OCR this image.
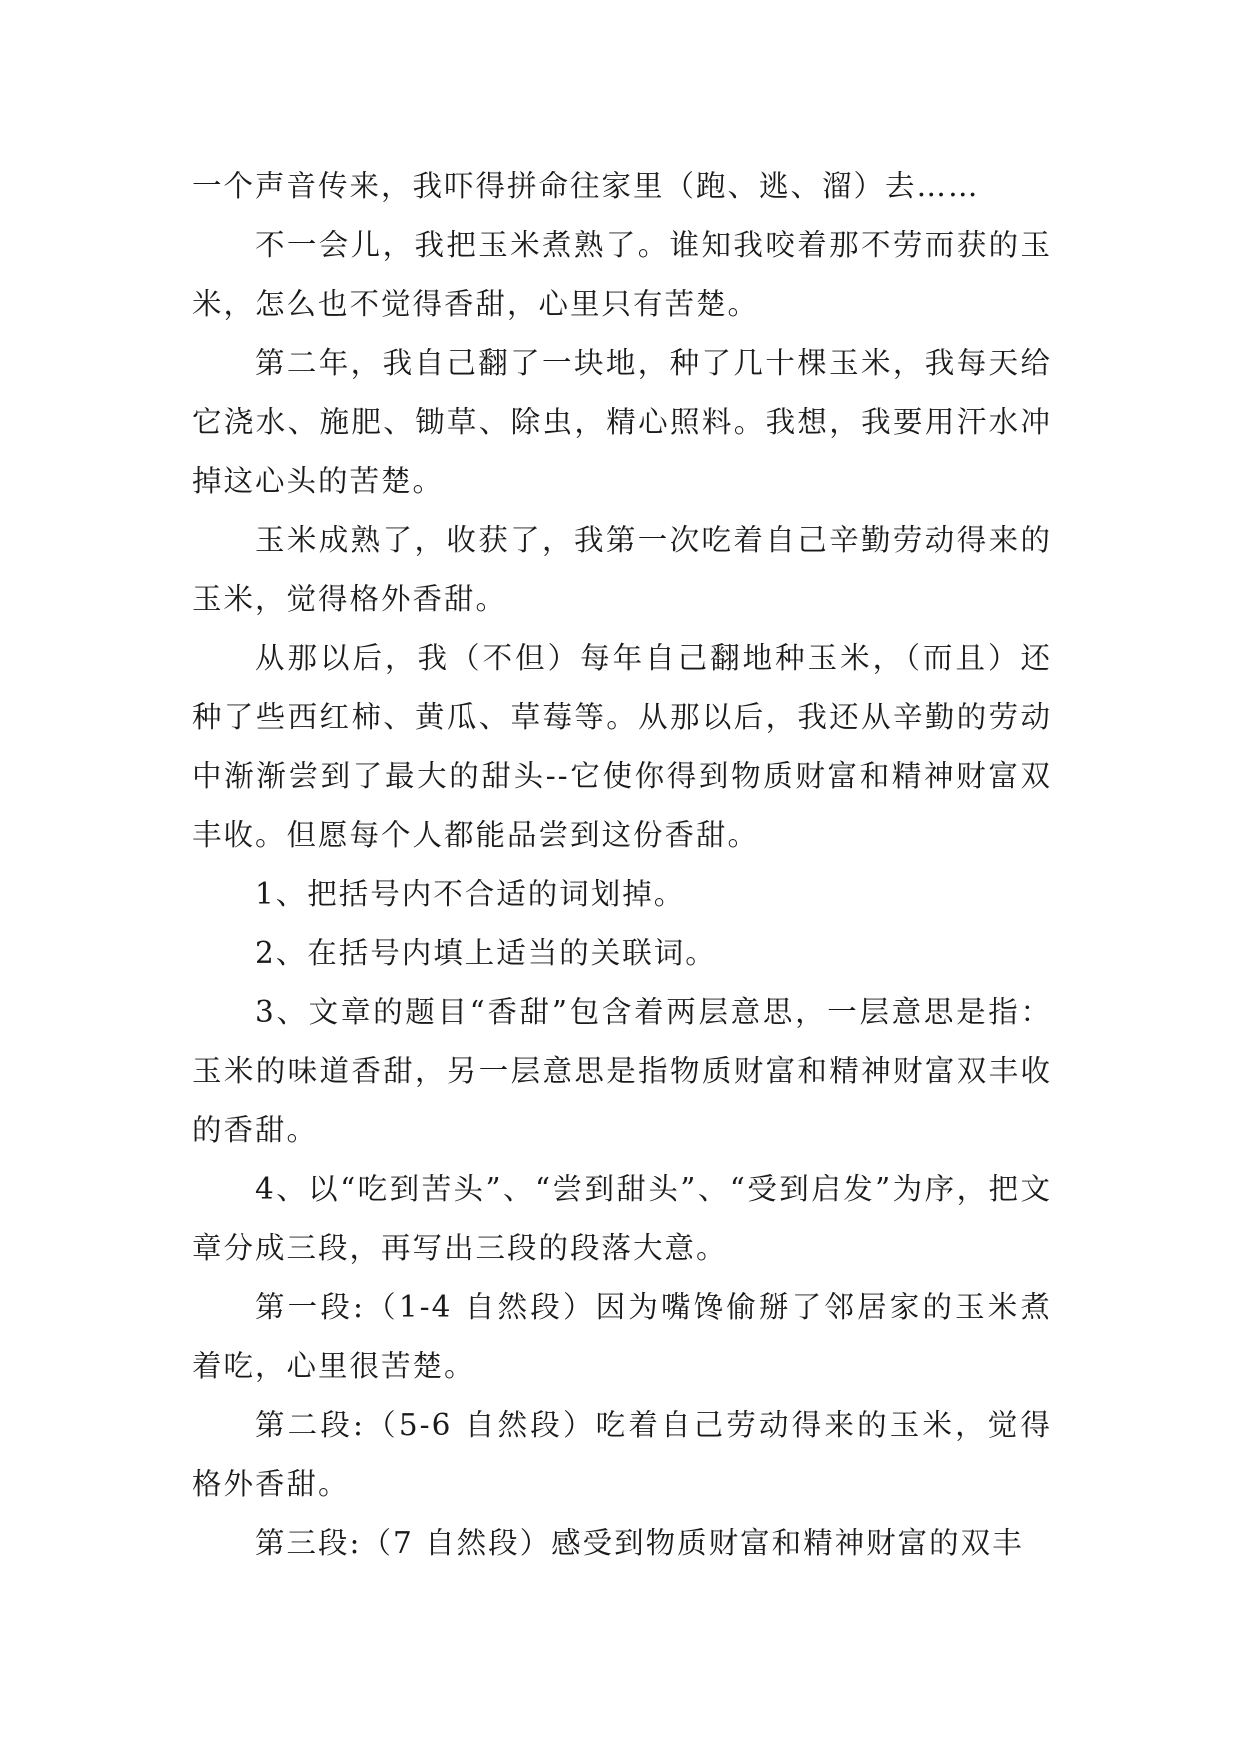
一个声音传来，我吓得拼命往家里（跑、逃、溜）去……

不一会儿，我把玉米煮熟了。谁知我咬着那不劳而获的玉米，怎么也不觉得香甜，心里只有苦楚。

第二年，我自己翻了一块地，种了几十棵玉米，我每天给它浇水、施肥、锄草、除虫，精心照料。我想，我要用汗水冲掉这心头的苦楚。

玉米成熟了，收获了，我第一次吃着自己辛勤劳动得来的玉米，觉得格外香甜。

从那以后，我（不但）每年自己翻地种玉米，（而且）还种了些西红柿、黄瓜、草莓等。从那以后，我还从辛勤的劳动中渐渐尝到了最大的甜头--它使你得到物质财富和精神财富双丰收。但愿每个人都能品尝到这份香甜。

1、把括号内不合适的词划掉。

2、在括号内填上适当的关联词。

3、文章的题目“香甜”包含着两层意思，一层意思是指：玉米的味道香甜，另一层意思是指物质财富和精神财富双丰收的香甜。

4、以“吃到苦头”、“尝到甜头”、“受到启发”为序，把文章分成三段，再写出三段的段落大意。

第一段:（1-4 自然段）因为嘴馋偷掰了邻居家的玉米煮着吃，心里很苦楚。

第二段:（5-6 自然段）吃着自己劳动得来的玉米，觉得格外香甜。

第三段:（7 自然段）感受到物质财富和精神财富的双丰
